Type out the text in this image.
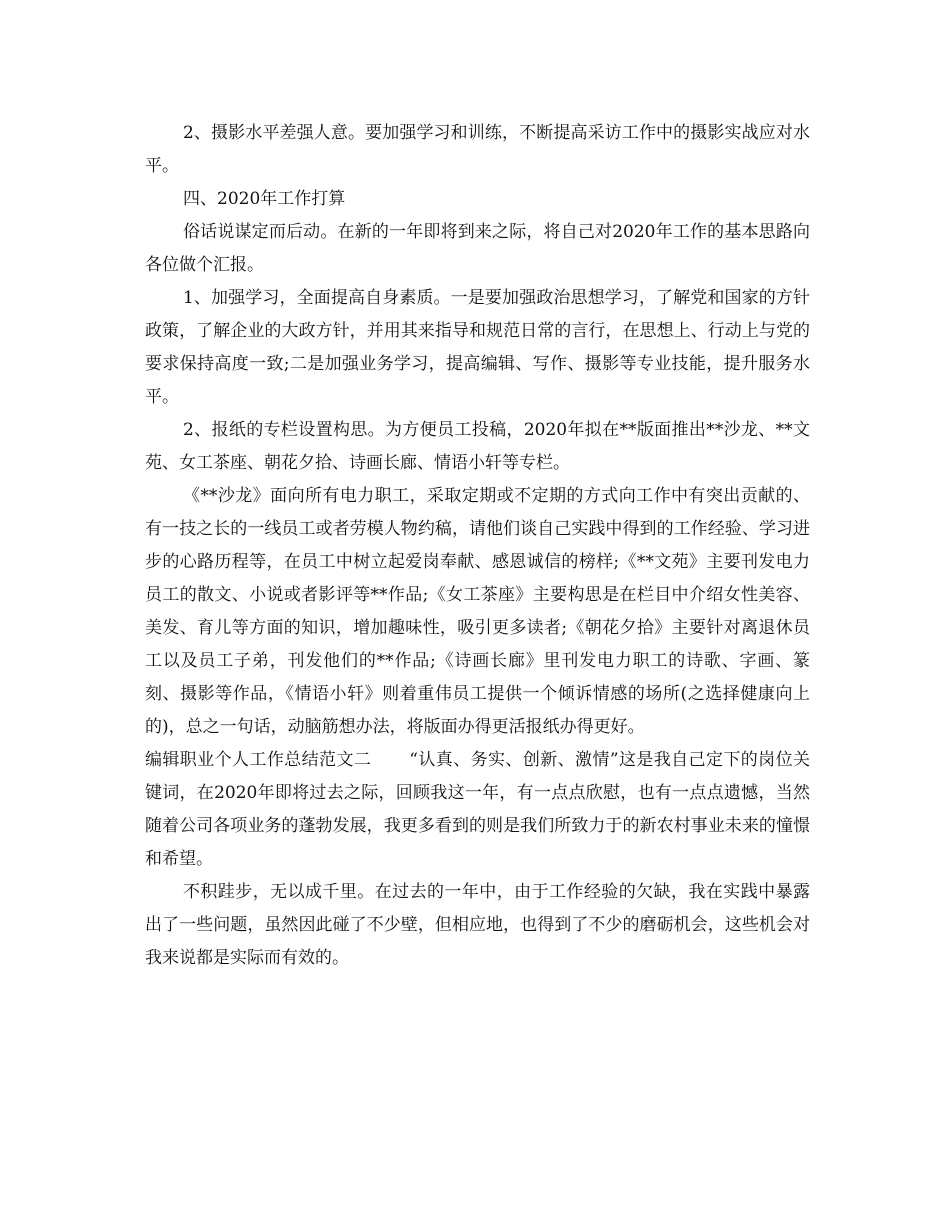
2、摄影水平差强人意。要加强学习和训练，不断提高采访工作中的摄影实战应对水平。

四、2020年工作打算

俗话说谋定而后动。在新的一年即将到来之际，将自己对2020年工作的基本思路向各位做个汇报。

1、加强学习，全面提高自身素质。一是要加强政治思想学习，了解党和国家的方针政策，了解企业的大政方针，并用其来指导和规范日常的言行，在思想上、行动上与党的要求保持高度一致;二是加强业务学习，提高编辑、写作、摄影等专业技能，提升服务水平。

2、报纸的专栏设置构思。为方便员工投稿，2020年拟在**版面推出**沙龙、**文苑、女工茶座、朝花夕拾、诗画长廊、情语小轩等专栏。

《**沙龙》面向所有电力职工，采取定期或不定期的方式向工作中有突出贡献的、有一技之长的一线员工或者劳模人物约稿，请他们谈自己实践中得到的工作经验、学习进步的心路历程等，在员工中树立起爱岗奉献、感恩诚信的榜样;《**文苑》主要刊发电力员工的散文、小说或者影评等**作品;《女工茶座》主要构思是在栏目中介绍女性美容、美发、育儿等方面的知识，增加趣味性，吸引更多读者;《朝花夕拾》主要针对离退休员工以及员工子弟，刊发他们的**作品;《诗画长廊》里刊发电力职工的诗歌、字画、篆刻、摄影等作品，《情语小轩》则着重伟员工提供一个倾诉情感的场所(之选择健康向上的)，总之一句话，动脑筋想办法，将版面办得更活报纸办得更好。

编辑职业个人工作总结范文二 “认真、务实、创新、激情”这是我自己定下的岗位关键词，在2020年即将过去之际，回顾我这一年，有一点点欣慰，也有一点点遗憾，当然随着公司各项业务的蓬勃发展，我更多看到的则是我们所致力于的新农村事业未来的憧憬和希望。

不积跬步，无以成千里。在过去的一年中，由于工作经验的欠缺，我在实践中暴露出了一些问题，虽然因此碰了不少壁，但相应地，也得到了不少的磨砺机会，这些机会对我来说都是实际而有效的。
